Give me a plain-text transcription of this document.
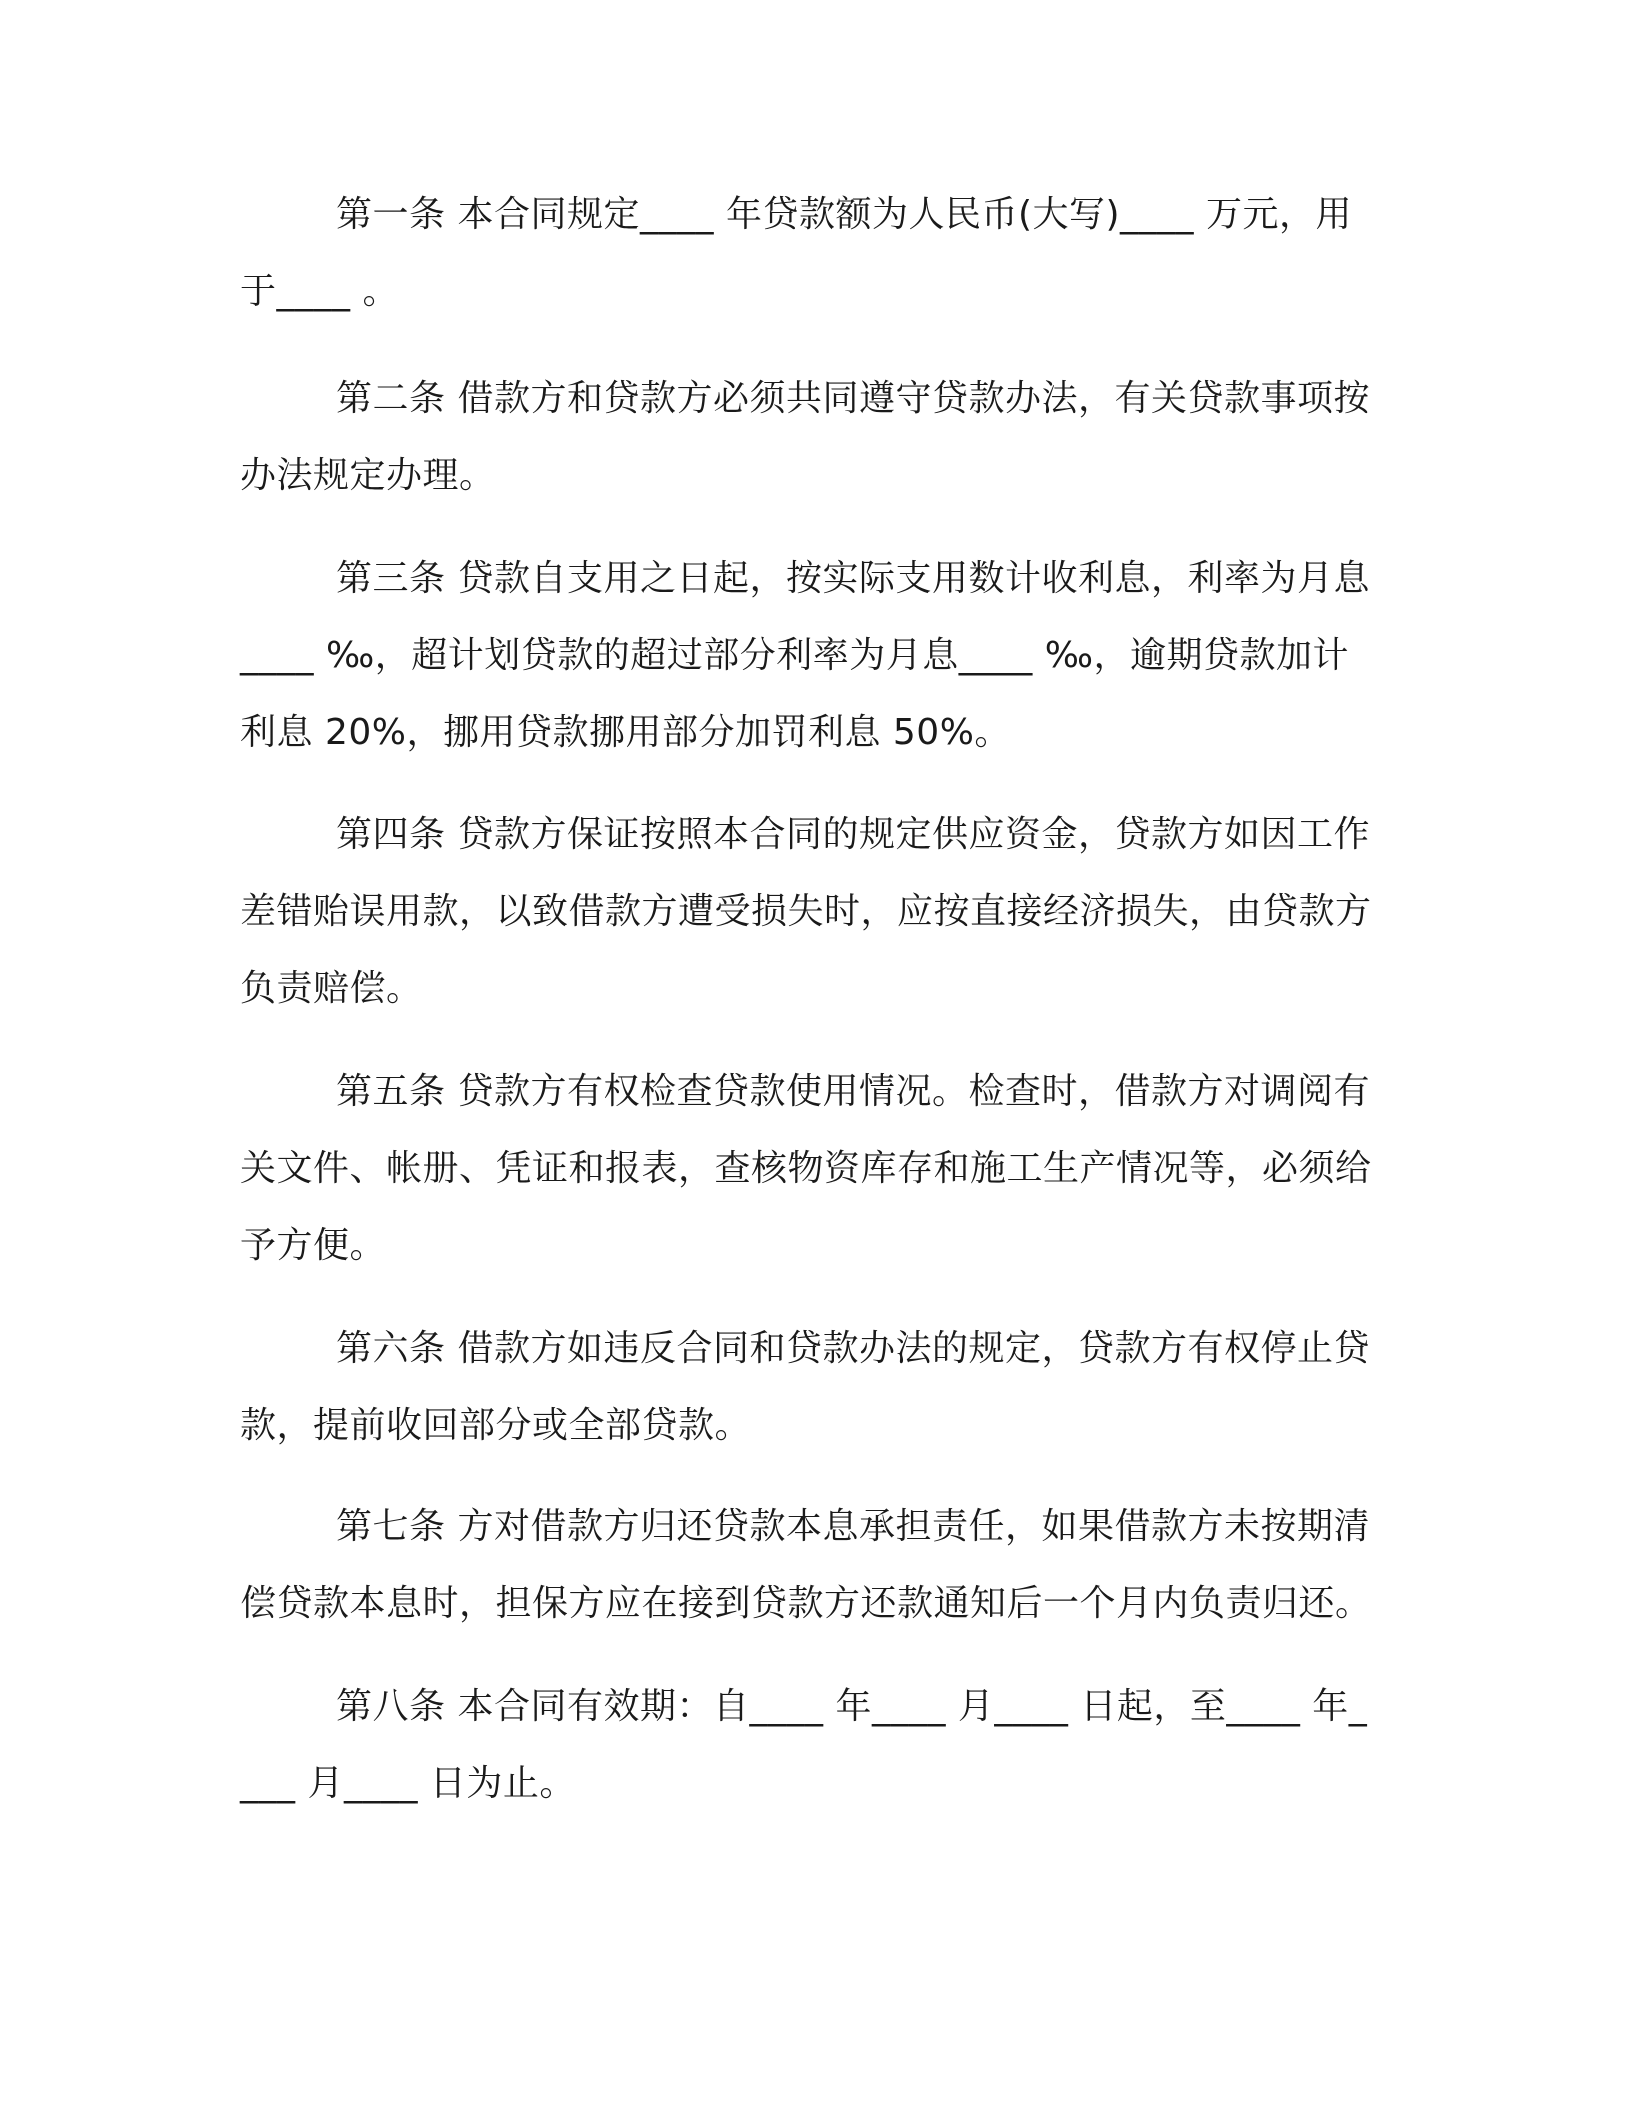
第一条 本合同规定____ 年贷款额为人民币(大写)____ 万元，用于____ 。

第二条 借款方和贷款方必须共同遵守贷款办法，有关贷款事项按办法规定办理。

第三条 贷款自支用之日起，按实际支用数计收利息，利率为月息____ ‰，超计划贷款的超过部分利率为月息____ ‰，逾期贷款加计利息 20%，挪用贷款挪用部分加罚利息 50%。

第四条 贷款方保证按照本合同的规定供应资金，贷款方如因工作差错贻误用款，以致借款方遭受损失时，应按直接经济损失，由贷款方负责赔偿。

第五条 贷款方有权检查贷款使用情况。检查时，借款方对调阅有关文件、帐册、凭证和报表，查核物资库存和施工生产情况等，必须给予方便。

第六条 借款方如违反合同和贷款办法的规定，贷款方有权停止贷款，提前收回部分或全部贷款。

第七条 方对借款方归还贷款本息承担责任，如果借款方未按期清偿贷款本息时，担保方应在接到贷款方还款通知后一个月内负责归还。

第八条 本合同有效期：自____ 年____ 月____ 日起，至____ 年____ 月____ 日为止。
